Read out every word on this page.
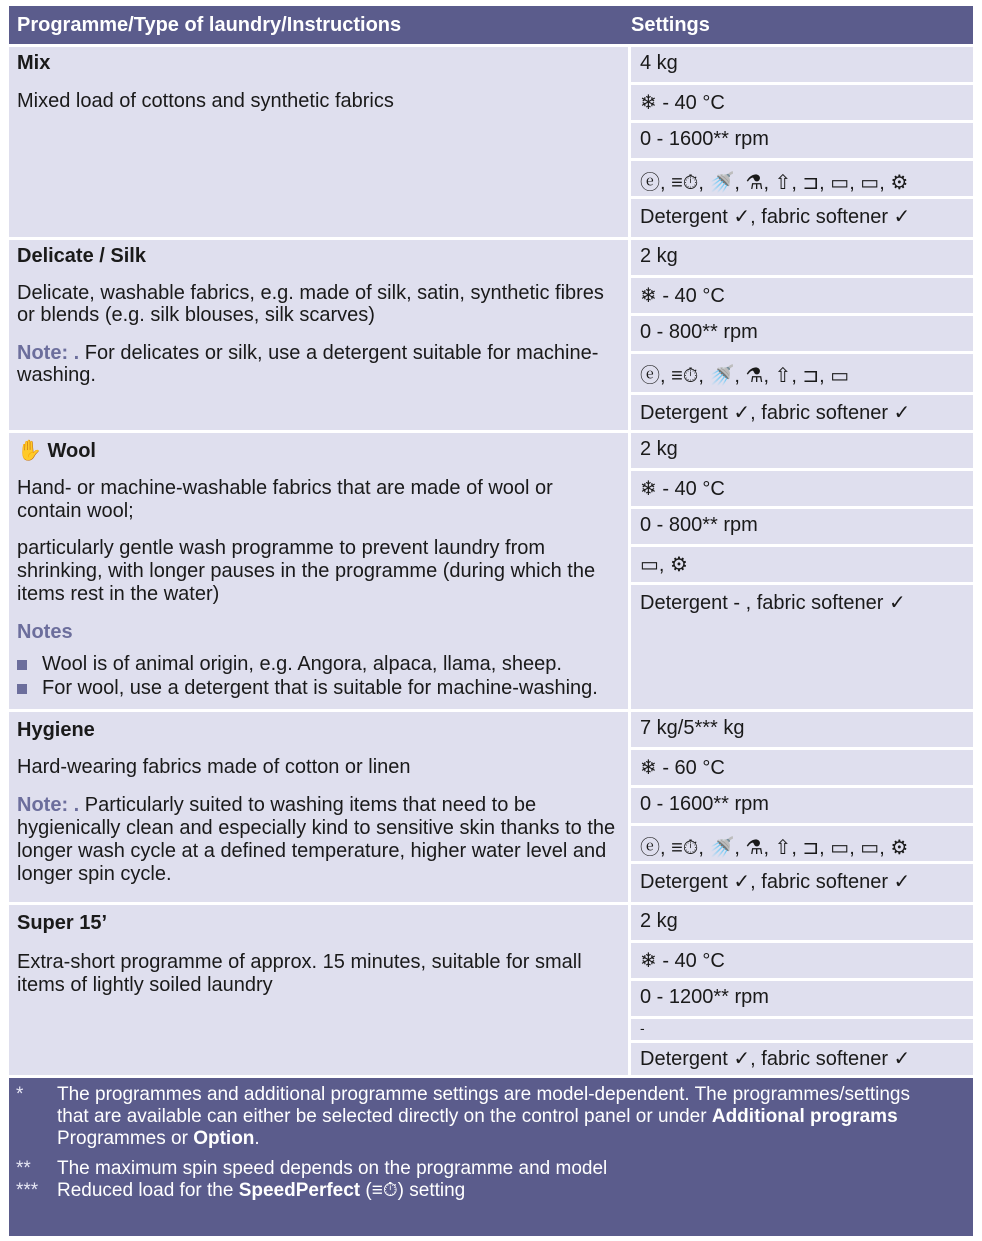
Programme/Type of laundry/Instructions	Settings
Mix
Mixed load of cottons and synthetic fabrics
4 kg
❄ - 40 °C
0 - 1600** rpm
ⓔ, ≡⏱, 🚿, ⚗, ⇧, ⊐, ▭, ▭, ⚙
Detergent ✓, fabric softener ✓
Delicate / Silk
Delicate, washable fabrics, e.g. made of silk, satin, synthetic fibres
or blends (e.g. silk blouses, silk scarves)
Note: . For delicates or silk, use a detergent suitable for machine-
washing.
2 kg
❄ - 40 °C
0 - 800** rpm
ⓔ, ≡⏱, 🚿, ⚗, ⇧, ⊐, ▭
Detergent ✓, fabric softener ✓
✋ Wool
Hand- or machine-washable fabrics that are made of wool or
contain wool;
particularly gentle wash programme to prevent laundry from
shrinking, with longer pauses in the programme (during which the
items rest in the water)
Notes
Wool is of animal origin, e.g. Angora, alpaca, llama, sheep.
For wool, use a detergent that is suitable for machine-washing.
2 kg
❄ - 40 °C
0 - 800** rpm
▭, ⚙
Detergent - , fabric softener ✓
Hygiene
Hard-wearing fabrics made of cotton or linen
Note: . Particularly suited to washing items that need to be
hygienically clean and especially kind to sensitive skin thanks to the
longer wash cycle at a defined temperature, higher water level and
longer spin cycle.
7 kg/5*** kg
❄ - 60 °C
0 - 1600** rpm
ⓔ, ≡⏱, 🚿, ⚗, ⇧, ⊐, ▭, ▭, ⚙
Detergent ✓, fabric softener ✓
Super 15’
Extra-short programme of approx. 15 minutes, suitable for small
items of lightly soiled laundry
2 kg
❄ - 40 °C
0 - 1200** rpm
-
Detergent ✓, fabric softener ✓
* The programmes and additional programme settings are model-dependent. The programmes/settings
that are available can either be selected directly on the control panel or under Additional programs
Programmes or Option.
** The maximum spin speed depends on the programme and model
*** Reduced load for the SpeedPerfect (≡⏱) setting
